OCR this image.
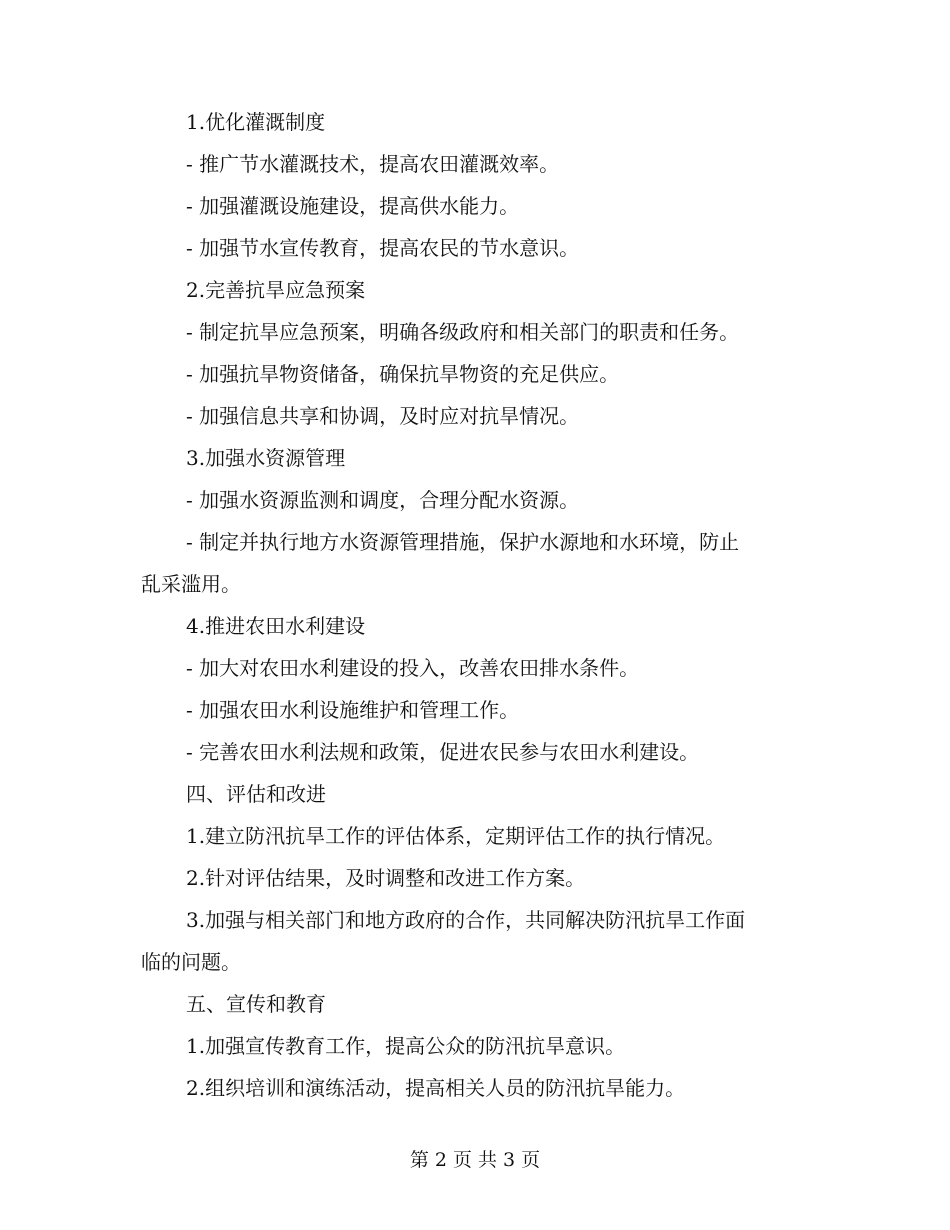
1.优化灌溉制度
- 推广节水灌溉技术，提高农田灌溉效率。
- 加强灌溉设施建设，提高供水能力。
- 加强节水宣传教育，提高农民的节水意识。
2.完善抗旱应急预案
- 制定抗旱应急预案，明确各级政府和相关部门的职责和任务。
- 加强抗旱物资储备，确保抗旱物资的充足供应。
- 加强信息共享和协调，及时应对抗旱情况。
3.加强水资源管理
- 加强水资源监测和调度，合理分配水资源。
- 制定并执行地方水资源管理措施，保护水源地和水环境，防止
乱采滥用。
4.推进农田水利建设
- 加大对农田水利建设的投入，改善农田排水条件。
- 加强农田水利设施维护和管理工作。
- 完善农田水利法规和政策，促进农民参与农田水利建设。
四、评估和改进
1.建立防汛抗旱工作的评估体系，定期评估工作的执行情况。
2.针对评估结果，及时调整和改进工作方案。
3.加强与相关部门和地方政府的合作，共同解决防汛抗旱工作面
临的问题。
五、宣传和教育
1.加强宣传教育工作，提高公众的防汛抗旱意识。
2.组织培训和演练活动，提高相关人员的防汛抗旱能力。
第 2 页 共 3 页
